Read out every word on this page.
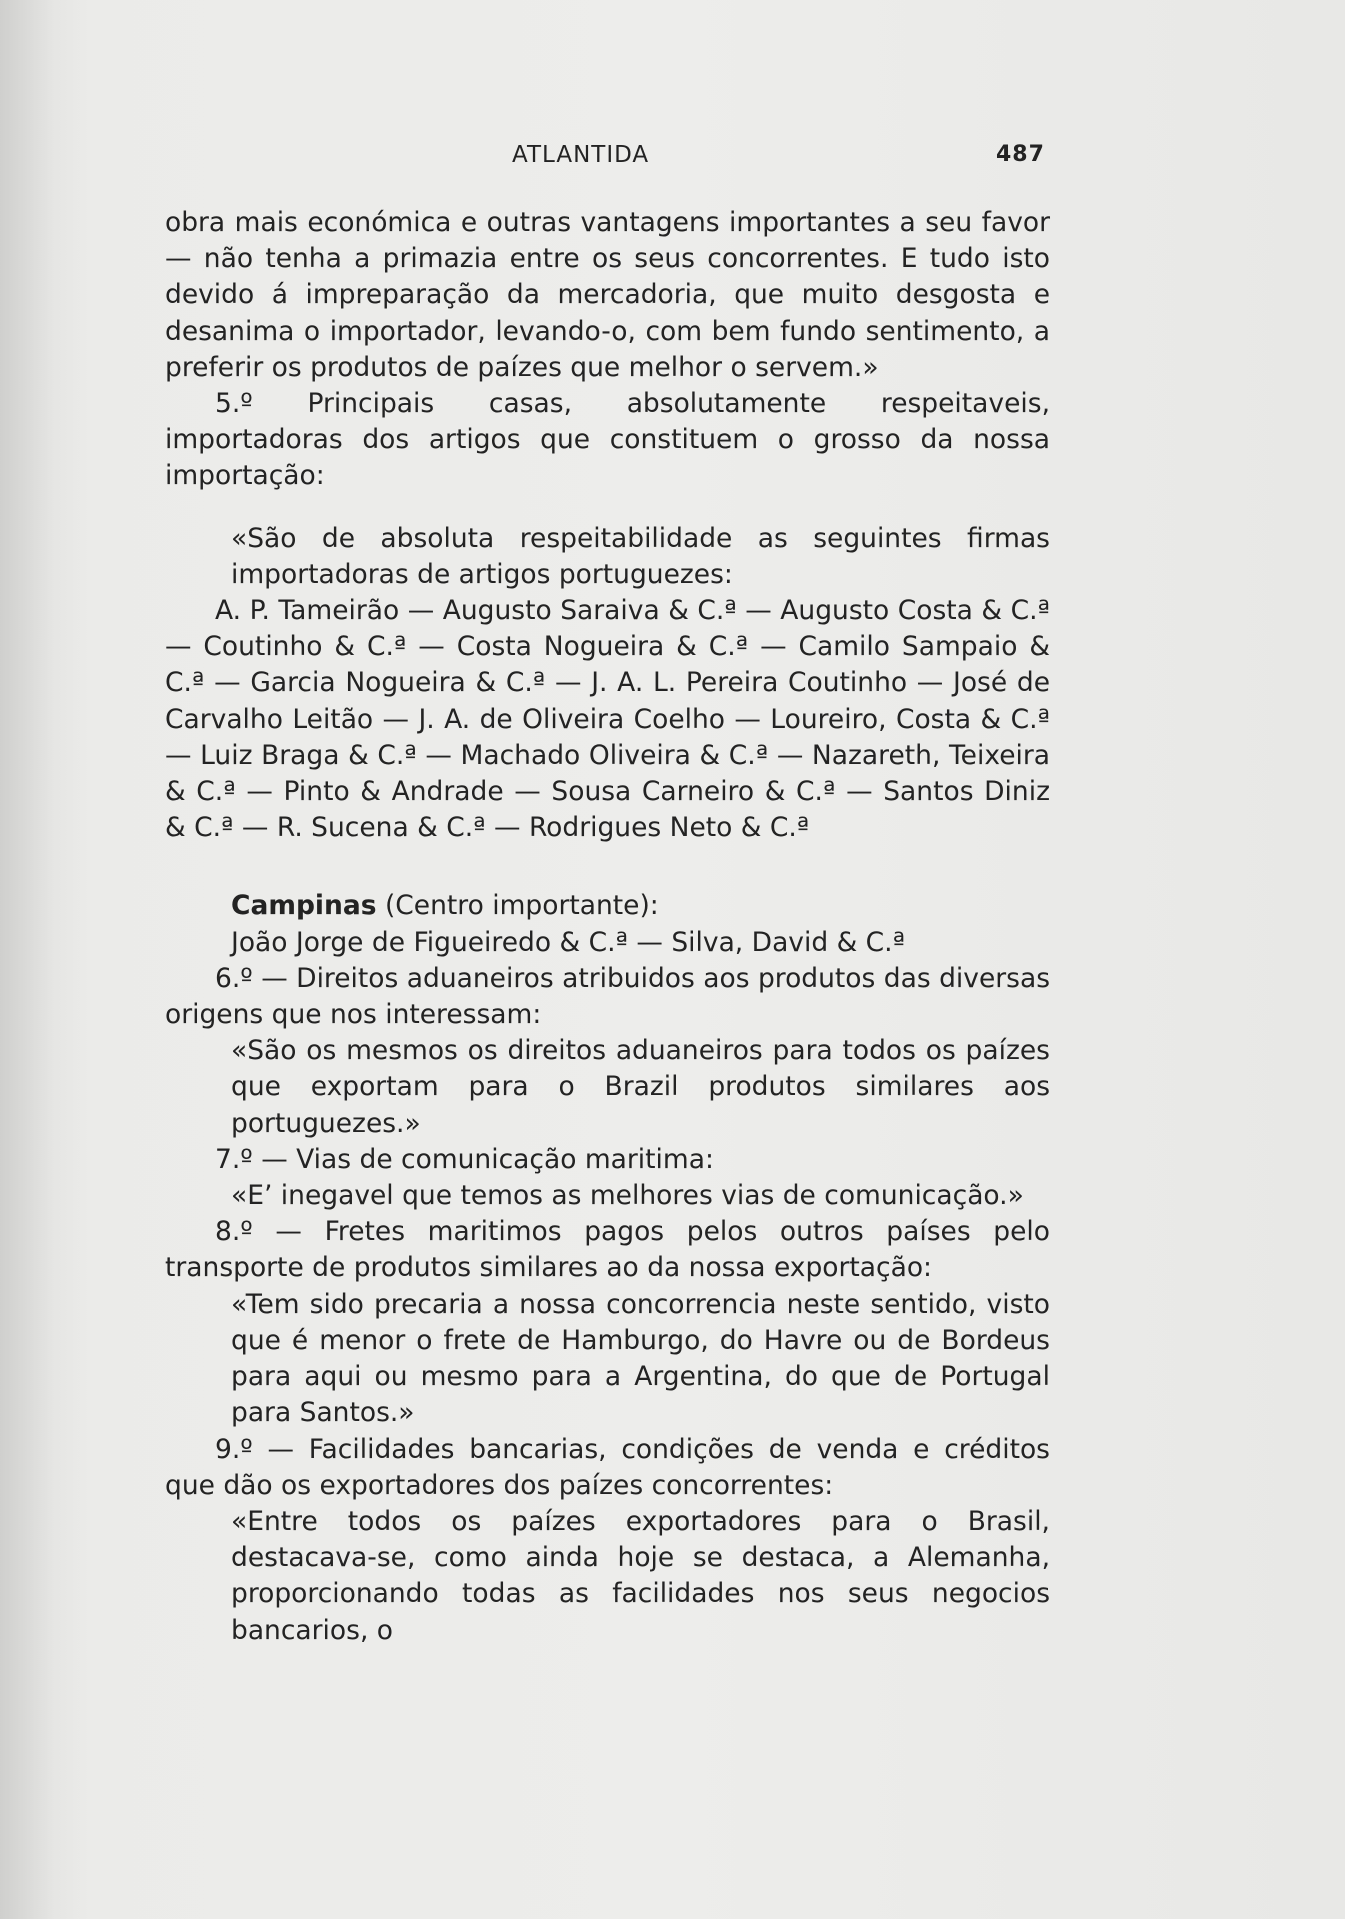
ATLANTIDA	487

obra mais económica e outras vantagens importantes a seu favor — não tenha a primazia entre os seus concorrentes. E tudo isto devido á impreparação da mercadoria, que muito desgosta e desanima o importador, levando-o, com bem fundo sentimento, a preferir os produtos de paízes que melhor o servem.»

5.º Principais casas, absolutamente respeitaveis, importadoras dos artigos que constituem o grosso da nossa importação:

«São de absoluta respeitabilidade as seguintes firmas importadoras de artigos portuguezes:

A. P. Tameirão — Augusto Saraiva & C.ª — Augusto Costa & C.ª — Coutinho & C.ª — Costa Nogueira & C.ª — Camilo Sampaio & C.ª — Garcia Nogueira & C.ª — J. A. L. Pereira Coutinho — José de Carvalho Leitão — J. A. de Oliveira Coelho — Loureiro, Costa & C.ª — Luiz Braga & C.ª — Machado Oliveira & C.ª — Nazareth, Teixeira & C.ª — Pinto & Andrade — Sousa Carneiro & C.ª — Santos Diniz & C.ª — R. Sucena & C.ª — Rodrigues Neto & C.ª

Campinas (Centro importante):

João Jorge de Figueiredo & C.ª — Silva, David & C.ª

6.º — Direitos aduaneiros atribuidos aos produtos das diversas origens que nos interessam:

«São os mesmos os direitos aduaneiros para todos os paízes que exportam para o Brazil produtos similares aos portuguezes.»

7.º — Vias de comunicação maritima:

«E’ inegavel que temos as melhores vias de comunicação.»

8.º — Fretes maritimos pagos pelos outros países pelo transporte de produtos similares ao da nossa exportação:

«Tem sido precaria a nossa concorrencia neste sentido, visto que é menor o frete de Hamburgo, do Havre ou de Bordeus para aqui ou mesmo para a Argentina, do que de Portugal para Santos.»

9.º — Facilidades bancarias, condições de venda e créditos que dão os exportadores dos paízes concorrentes:

«Entre todos os paízes exportadores para o Brasil, destacava-se, como ainda hoje se destaca, a Alemanha, proporcionando todas as facilidades nos seus negocios bancarios, o
